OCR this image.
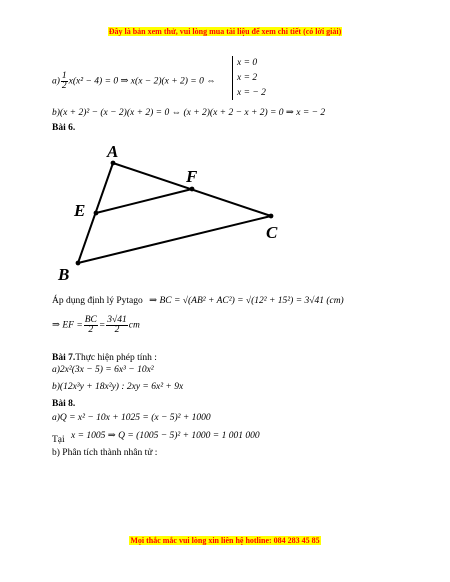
Đây là bản xem thử, vui lòng mua tài liệu để xem chi tiết (có lời giải)
$a) \frac{1}{2} x(x^2 - 4) = 0$ ⇒ x(x − 2)(x + 2) = 0 ⇔
x = 0
x = 2
x = − 2
b)(x + 2)² − (x − 2)(x + 2) = 0 ⇔ (x + 2)(x + 2 − x + 2) = 0 ⇒ x = − 2
Bài 6.
A
B
C
E
F
Áp dụng định lý Pytago ⇒ BC = √(AB² + AC²) = √(12² + 15²) = 3√41 (cm)
⇒ EF = $\frac{BC}{2} = \frac{3√41}{2}$ cm
Bài 7.Thực hiện phép tính :
a)2x²(3x − 5) = 6x³ − 10x²
b)(12x³y + 18x²y) : 2xy = 6x² + 9x
Bài 8.
a)Q = x² − 10x + 1025 = (x − 5)² + 1000
Tại x = 1005 ⇒ Q = (1005 − 5)² + 1000 = 1 001 000
b) Phân tích thành nhân tử :
Mọi thắc mắc vui lòng xin liên hệ hotline: 084 283 45 85
